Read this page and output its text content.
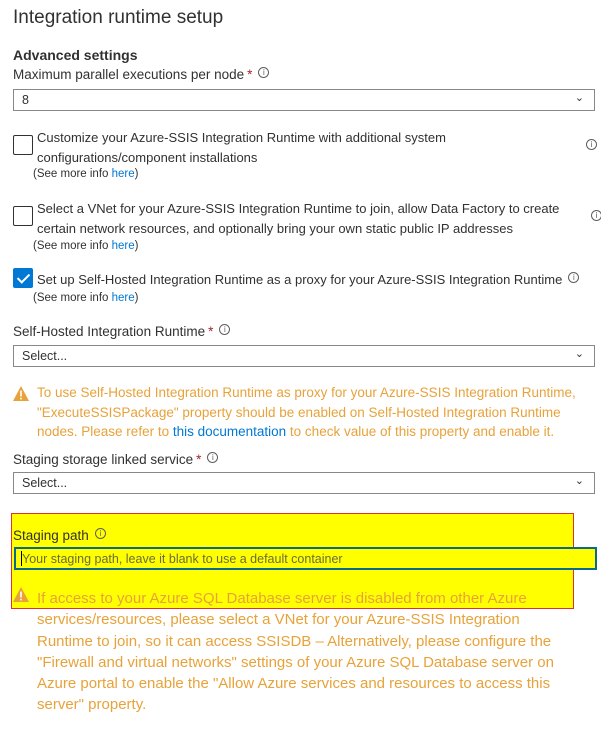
Integration runtime setup
Advanced settings
Maximum parallel executions per node * i
8	⌄
Customize your Azure-SSIS Integration Runtime with additional system
configurations/component installations
i
(See more info here)
Select a VNet for your Azure-SSIS Integration Runtime to join, allow Data Factory to create
certain network resources, and optionally bring your own static public IP addresses
i
(See more info here)
Set up Self-Hosted Integration Runtime as a proxy for your Azure-SSIS Integration Runtime i
(See more info here)
Self-Hosted Integration Runtime * i
Select...	⌄
To use Self-Hosted Integration Runtime as proxy for your Azure-SSIS Integration Runtime,
"ExecuteSSISPackage" property should be enabled on Self-Hosted Integration Runtime
nodes. Please refer to this documentation to check value of this property and enable it.
Staging storage linked service * i
Select...	⌄
Staging path i
Your staging path, leave it blank to use a default container
If access to your Azure SQL Database server is disabled from other Azure
services/resources, please select a VNet for your Azure-SSIS Integration
Runtime to join, so it can access SSISDB – Alternatively, please configure the
"Firewall and virtual networks" settings of your Azure SQL Database server on
Azure portal to enable the "Allow Azure services and resources to access this
server" property.
